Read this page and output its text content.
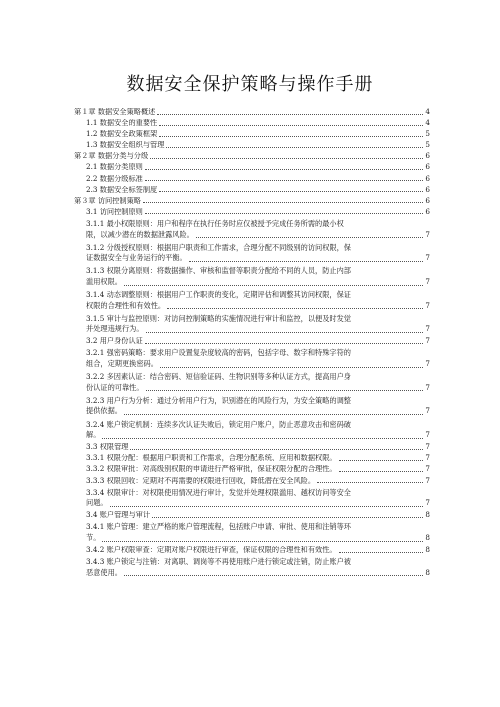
数据安全保护策略与操作手册
第１章 数据安全策略概述	4
1.1 数据安全的重要性	4
1.2 数据安全政策框架	5
1.3 数据安全组织与管理	5
第２章 数据分类与分级	6
2.1 数据分类原则	6
2.2 数据分级标准	6
2.3 数据安全标签制度	6
第３章 访问控制策略	6
3.1 访问控制原则	6
3.1.1 最小权限原则：用户和程序在执行任务时应仅被授予完成任务所需的最小权
限，以减少潜在的数据泄露风险。	7
3.1.2 分级授权原则：根据用户职责和工作需求，合理分配不同级别的访问权限，保
证数据安全与业务运行的平衡。	7
3.1.3 权限分离原则：将数据操作、审核和监督等职责分配给不同的人员，防止内部
滥用权限。	7
3.1.4 动态调整原则：根据用户工作职责的变化，定期评估和调整其访问权限，保证
权限的合理性和有效性。	7
3.1.5 审计与监控原则：对访问控制策略的实施情况进行审计和监控，以便及时发觉
并处理违规行为。	7
3.2 用户身份认证	7
3.2.1 强密码策略：要求用户设置复杂度较高的密码，包括字母、数字和特殊字符的
组合，定期更换密码。	7
3.2.2 多因素认证：结合密码、短信验证码、生物识别等多种认证方式，提高用户身
份认证的可靠性。	7
3.2.3 用户行为分析：通过分析用户行为，识别潜在的风险行为，为安全策略的调整
提供依据。	7
3.2.4 账户锁定机制：连续多次认证失败后，锁定用户账户，防止恶意攻击和密码破
解。	7
3.3 权限管理	7
3.3.1 权限分配：根据用户职责和工作需求，合理分配系统、应用和数据权限。	7
3.3.2 权限审批：对高级别权限的申请进行严格审批，保证权限分配的合理性。	7
3.3.3 权限回收：定期对不再需要的权限进行回收，降低潜在安全风险。	7
3.3.4 权限审计：对权限使用情况进行审计，发觉并处理权限滥用、越权访问等安全
问题。	7
3.4 账户管理与审计	8
3.4.1 账户管理：建立严格的账户管理流程，包括账户申请、审批、使用和注销等环
节。	8
3.4.2 账户权限审查：定期对账户权限进行审查，保证权限的合理性和有效性。	8
3.4.3 账户锁定与注销：对离职、调岗等不再使用账户进行锁定或注销，防止账户被
恶意使用。	8
